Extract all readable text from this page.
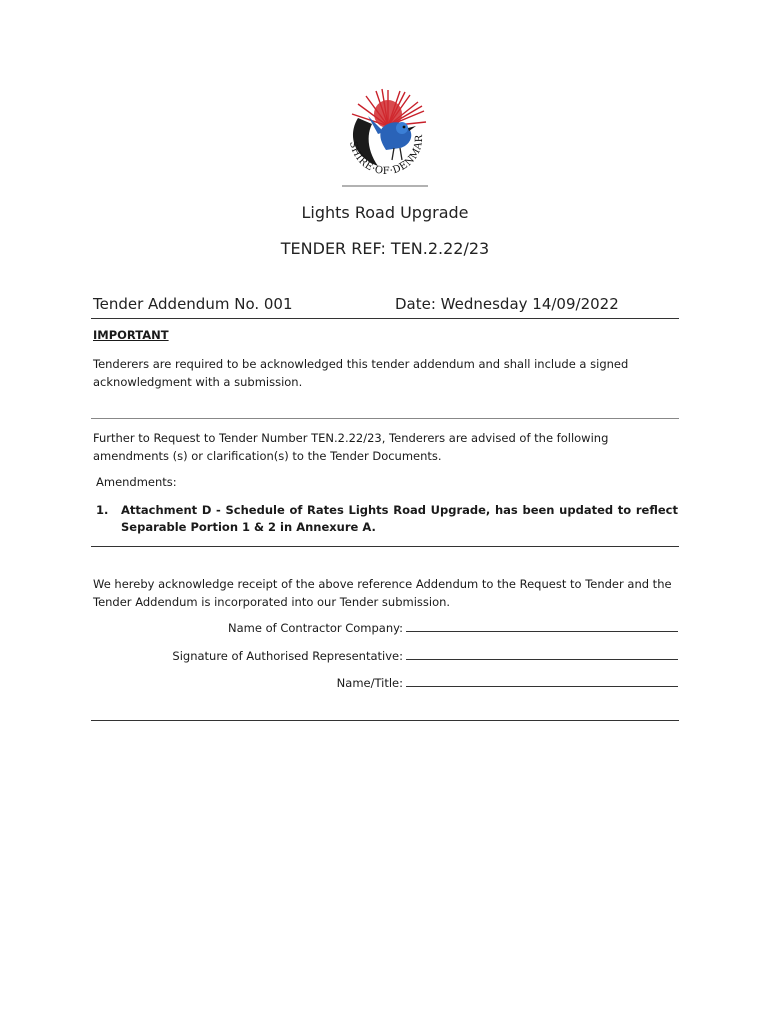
SHIRE·OF·DENMAR
Lights Road Upgrade
TENDER REF: TEN.2.22/23
Tender Addendum No. 001	Date: Wednesday 14/09/2022
IMPORTANT
Tenderers are required to be acknowledged this tender addendum and shall include a signed acknowledgment with a submission.
Further to Request to Tender Number TEN.2.22/23, Tenderers are advised of the following amendments (s) or clarification(s) to the Tender Documents.
Amendments:
1.	Attachment D - Schedule of Rates Lights Road Upgrade, has been updated to reflect Separable Portion 1 & 2 in Annexure A.
We hereby acknowledge receipt of the above reference Addendum to the Request to Tender and the Tender Addendum is incorporated into our Tender submission.
Name of Contractor Company:
Signature of Authorised Representative:
Name/Title:
